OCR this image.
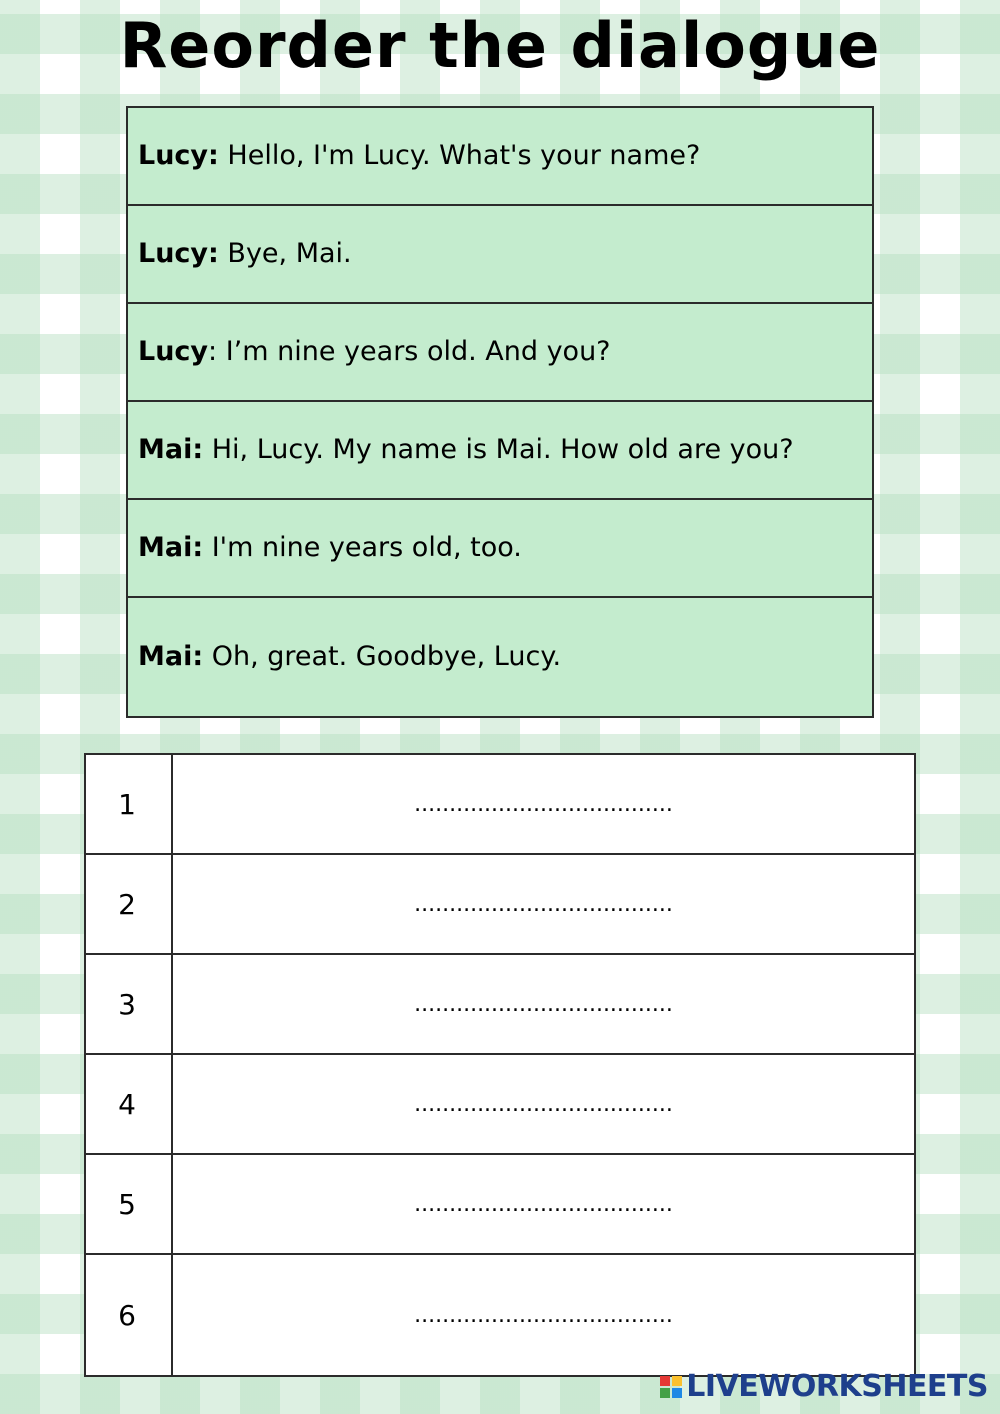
Reorder the dialogue
Lucy: Hello, I'm Lucy. What's your name?
Lucy: Bye, Mai.
Lucy: I’m nine years old. And you?
Mai: Hi, Lucy. My name is Mai. How old are you?
Mai: I'm nine years old, too.
Mai: Oh, great. Goodbye, Lucy.
1	.....................................
2	.....................................
3	.....................................
4	.....................................
5	.....................................
6	.....................................
LIVEWORKSHEETS
